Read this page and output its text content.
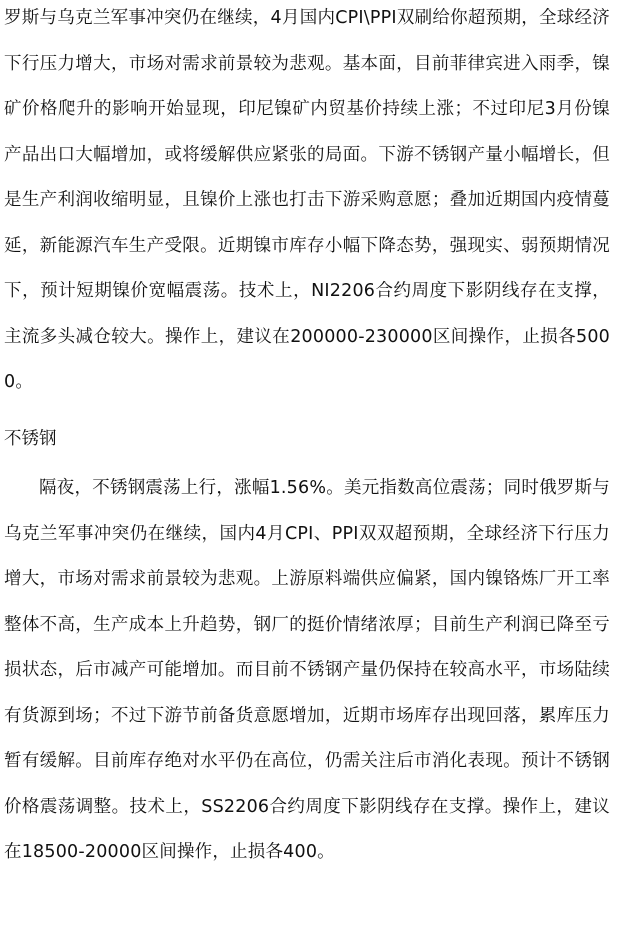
罗斯与乌克兰军事冲突仍在继续，4月国内CPI\PPI双刷给你超预期，全球经济下行压力增大，市场对需求前景较为悲观。基本面，目前菲律宾进入雨季，镍矿价格爬升的影响开始显现，印尼镍矿内贸基价持续上涨；不过印尼3月份镍产品出口大幅增加，或将缓解供应紧张的局面。下游不锈钢产量小幅增长，但是生产利润收缩明显，且镍价上涨也打击下游采购意愿；叠加近期国内疫情蔓延，新能源汽车生产受限。近期镍市库存小幅下降态势，强现实、弱预期情况下，预计短期镍价宽幅震荡。技术上，NI2206合约周度下影阴线存在支撑，主流多头减仓较大。操作上，建议在200000-230000区间操作，止损各5000。

不锈钢

隔夜，不锈钢震荡上行，涨幅1.56%。美元指数高位震荡；同时俄罗斯与乌克兰军事冲突仍在继续，国内4月CPI、PPI双双超预期，全球经济下行压力增大，市场对需求前景较为悲观。上游原料端供应偏紧，国内镍铬炼厂开工率整体不高，生产成本上升趋势，钢厂的挺价情绪浓厚；目前生产利润已降至亏损状态，后市减产可能增加。而目前不锈钢产量仍保持在较高水平，市场陆续有货源到场；不过下游节前备货意愿增加，近期市场库存出现回落，累库压力暂有缓解。目前库存绝对水平仍在高位，仍需关注后市消化表现。预计不锈钢价格震荡调整。技术上，SS2206合约周度下影阴线存在支撑。操作上，建议在18500-20000区间操作，止损各400。
